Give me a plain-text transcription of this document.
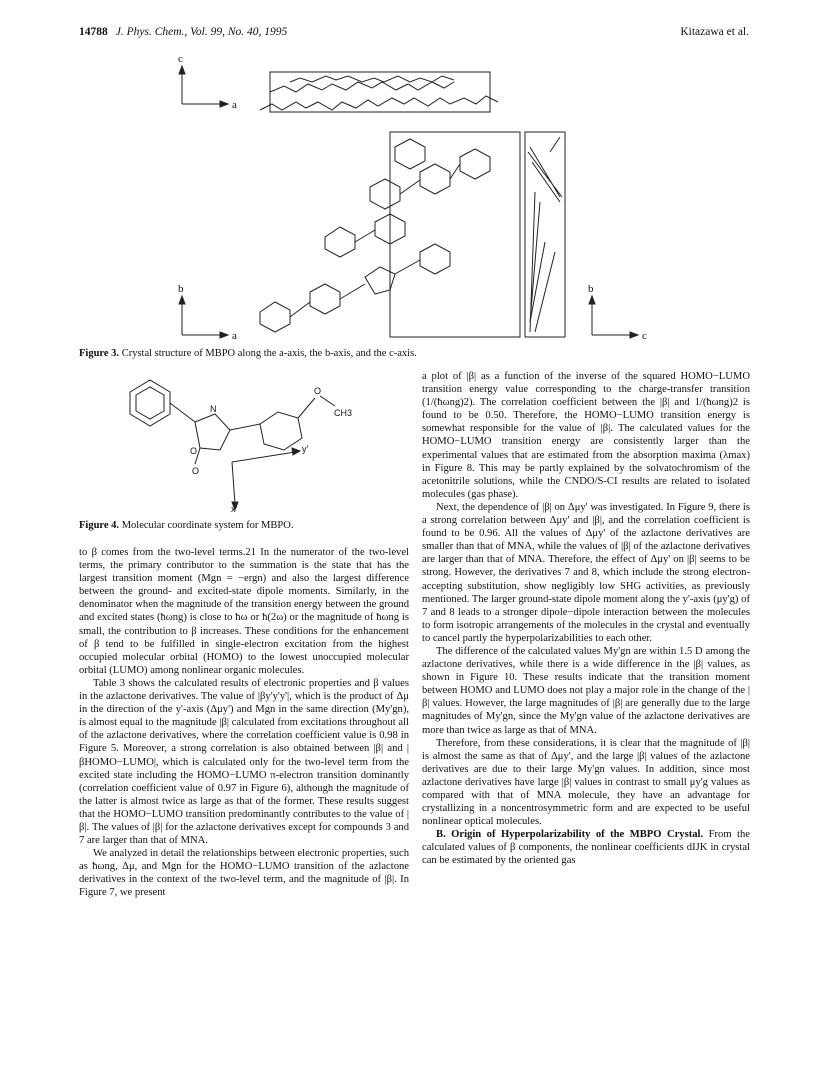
14788 J. Phys. Chem., Vol. 99, No. 40, 1995	Kitazawa et al.
c
a
b
a
b
c
Figure 3. Crystal structure of MBPO along the a-axis, the b-axis, and the c-axis.
N
O
O
O
CH3
y'
x'
Figure 4. Molecular coordinate system for MBPO.

to β comes from the two-level terms.21 In the numerator of the two-level terms, the primary contributor to the summation is the state that has the largest transition moment (Mgn = −ergn) and also the largest difference between the ground- and excited-state dipole moments. Similarly, in the denominator when the magnitude of the transition energy between the ground and excited states (ħωng) is close to ħω or ħ(2ω) or the magnitude of ħωng is small, the contribution to β increases. These conditions for the enhancement of β tend to be fulfilled in single-electron excitation from the highest occupied molecular orbital (HOMO) to the lowest unoccupied molecular orbital (LUMO) among nonlinear organic molecules.

Table 3 shows the calculated results of electronic properties and β values in the azlactone derivatives. The value of |βy'y'y'|, which is the product of Δμ in the direction of the y'-axis (Δμy') and Mgn in the same direction (My'gn), is almost equal to the magnitude |β| calculated from excitations throughout all of the azlactone derivatives, where the correlation coefficient value is 0.98 in Figure 5. Moreover, a strong correlation is also obtained between |β| and |βHOMO−LUMO|, which is calculated only for the two-level term from the excited state including the HOMO−LUMO π-electron transition dominantly (correlation coefficient value of 0.97 in Figure 6), although the magnitude of the latter is almost twice as large as that of the former. These results suggest that the HOMO−LUMO transition predominantly contributes to the value of |β|. The values of |β| for the azlactone derivatives except for compounds 3 and 7 are larger than that of MNA.

We analyzed in detail the relationships between electronic properties, such as ħωng, Δμ, and Mgn for the HOMO−LUMO transition of the azlactone derivatives in the context of the two-level term, and the magnitude of |β|. In Figure 7, we present

a plot of |β| as a function of the inverse of the squared HOMO−LUMO transition energy value corresponding to the charge-transfer transition (1/(ħωng)2). The correlation coefficient between the |β| and 1/(ħωng)2 is found to be 0.50. Therefore, the HOMO−LUMO transition energy is somewhat responsible for the value of |β|. The calculated values for the HOMO−LUMO transition energy are consistently larger than the experimental values that are estimated from the absorption maxima (λmax) in Figure 8. This may be partly explained by the solvatochromism of the acetonitrile solutions, while the CNDO/S-CI results are related to isolated molecules (gas phase).

Next, the dependence of |β| on Δμy' was investigated. In Figure 9, there is a strong correlation between Δμy' and |β|, and the correlation coefficient is found to be 0.96. All the values of Δμy' of the azlactone derivatives are smaller than that of MNA, while the values of |β| of the azlactone derivatives are larger than that of MNA. Therefore, the effect of Δμy' on |β| seems to be strong. However, the derivatives 7 and 8, which include the strong electron-accepting substitution, show negligibly low SHG activities, as previously mentioned. The larger ground-state dipole moment along the y'-axis (μy'g) of 7 and 8 leads to a stronger dipole−dipole interaction between the molecules to form isotropic arrangements of the molecules in the crystal and eventually to cancel partly the hyperpolarizabilities to each other.

The difference of the calculated values My'gn are within 1.5 D among the azlactone derivatives, while there is a wide difference in the |β| values, as shown in Figure 10. These results indicate that the transition moment between HOMO and LUMO does not play a major role in the change of the |β| values. However, the large magnitudes of |β| are generally due to the large magnitudes of My'gn, since the My'gn value of the azlactone derivatives are more than twice as large as that of MNA.

Therefore, from these considerations, it is clear that the magnitude of |β| is almost the same as that of Δμy', and the large |β| values of the azlactone derivatives are due to their large My'gn values. In addition, since most azlactone derivatives have large |β| values in contrast to small μy'g values as compared with that of MNA molecule, they have an advantage for crystallizing in a noncentrosymmetric form and are expected to be useful nonlinear optical molecules.

B. Origin of Hyperpolarizability of the MBPO Crystal. From the calculated values of β components, the nonlinear coefficients dIJK in crystal can be estimated by the oriented gas
